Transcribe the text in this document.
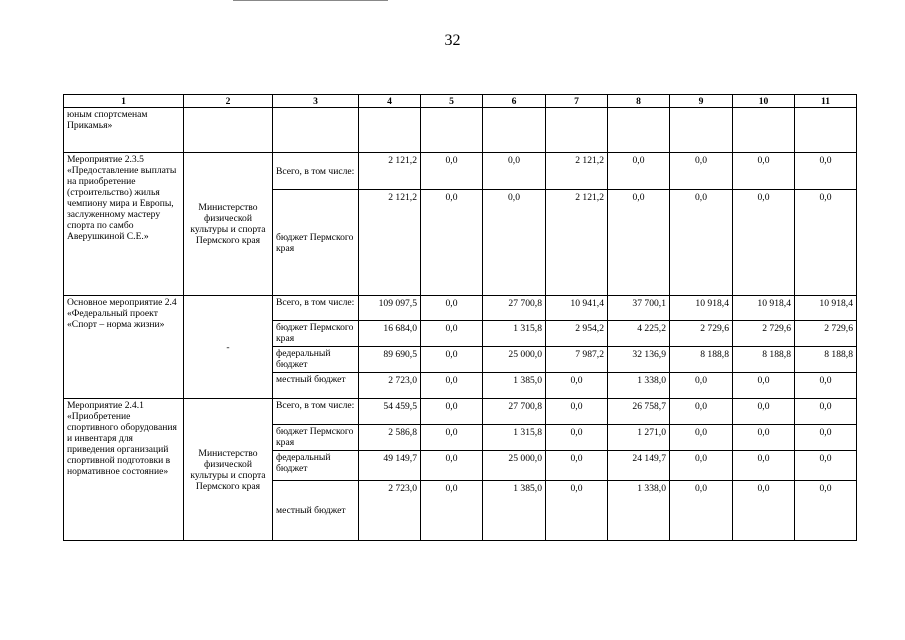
32
1	2	3	4	5	6	7	8	9	10	11
юным спортсменам Прикамья»										
Мероприятие 2.3.5 «Предоставление выплаты на приобретение (строительство) жилья чемпиону мира и Европы, заслуженному мастеру спорта по самбо Аверушкиной С.Е.»	Министерство физической культуры и спорта Пермского края	Всего, в том числе:	2 121,2	0,0	0,0	2 121,2	0,0	0,0	0,0	0,0
		бюджет Пермского края	2 121,2	0,0	0,0	2 121,2	0,0	0,0	0,0	0,0
Основное мероприятие 2.4 «Федеральный проект «Спорт – норма жизни»	-	Всего, в том числе:	109 097,5	0,0	27 700,8	10 941,4	37 700,1	10 918,4	10 918,4	10 918,4
		бюджет Пермского края	16 684,0	0,0	1 315,8	2 954,2	4 225,2	2 729,6	2 729,6	2 729,6
		федеральный бюджет	89 690,5	0,0	25 000,0	7 987,2	32 136,9	8 188,8	8 188,8	8 188,8
		местный бюджет	2 723,0	0,0	1 385,0	0,0	1 338,0	0,0	0,0	0,0
Мероприятие 2.4.1 «Приобретение спортивного оборудования и инвентаря для приведения организаций спортивной подготовки в нормативное состояние»	Министерство физической культуры и спорта Пермского края	Всего, в том числе:	54 459,5	0,0	27 700,8	0,0	26 758,7	0,0	0,0	0,0
		бюджет Пермского края	2 586,8	0,0	1 315,8	0,0	1 271,0	0,0	0,0	0,0
		федеральный бюджет	49 149,7	0,0	25 000,0	0,0	24 149,7	0,0	0,0	0,0
		местный бюджет	2 723,0	0,0	1 385,0	0,0	1 338,0	0,0	0,0	0,0
